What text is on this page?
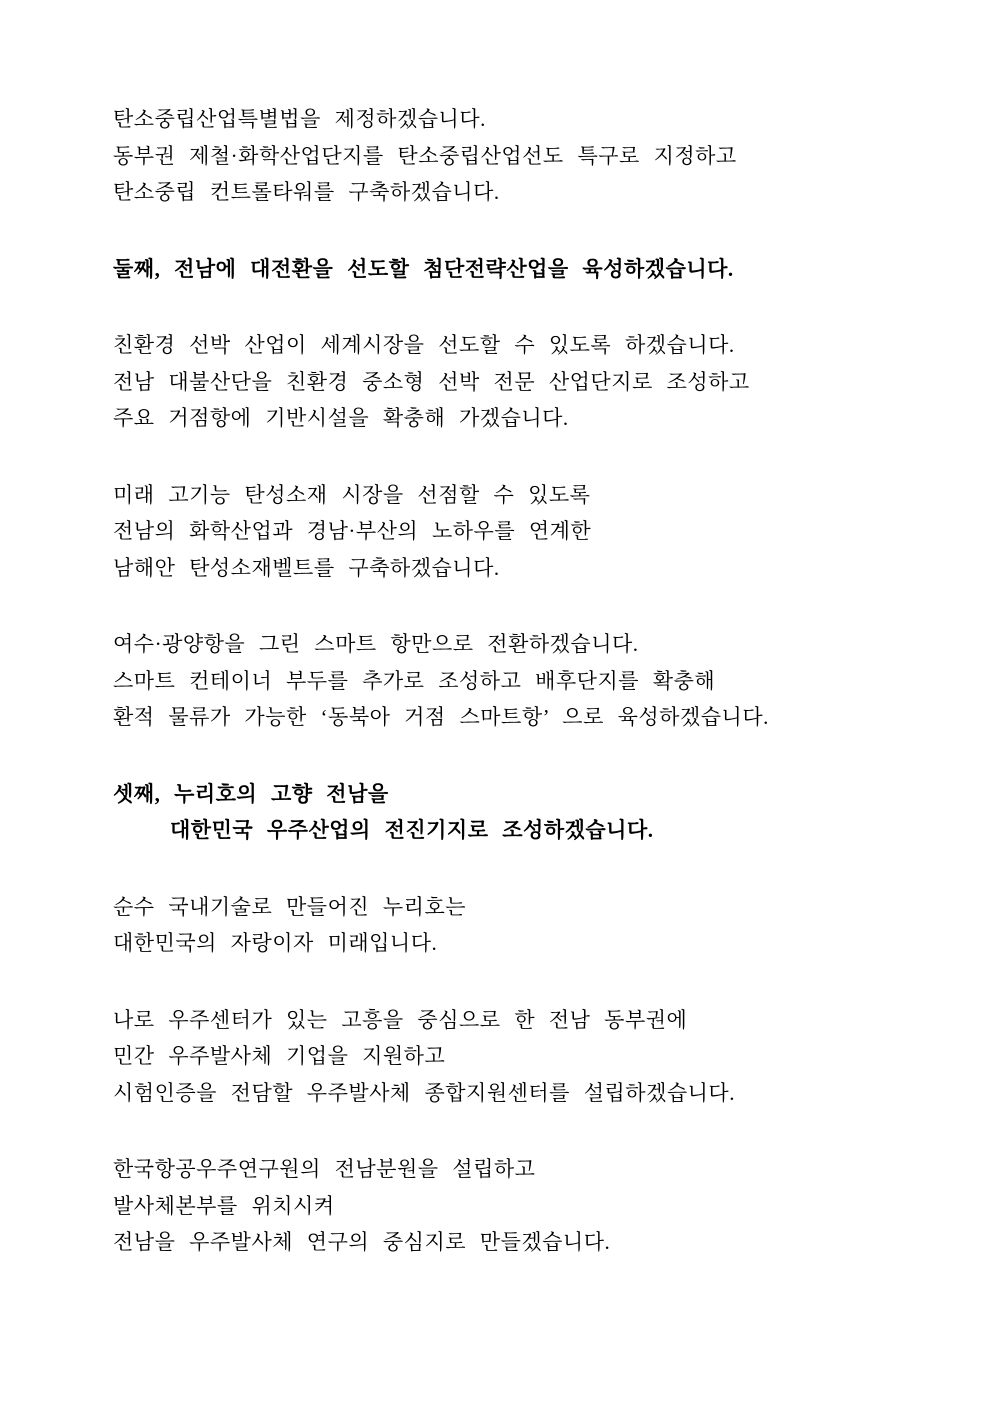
탄소중립산업특별법을 제정하겠습니다.
동부권 제철·화학산업단지를 탄소중립산업선도 특구로 지정하고
탄소중립 컨트롤타워를 구축하겠습니다.

둘째, 전남에 대전환을 선도할 첨단전략산업을 육성하겠습니다.

친환경 선박 산업이 세계시장을 선도할 수 있도록 하겠습니다.
전남 대불산단을 친환경 중소형 선박 전문 산업단지로 조성하고
주요 거점항에 기반시설을 확충해 가겠습니다.

미래 고기능 탄성소재 시장을 선점할 수 있도록
전남의 화학산업과 경남·부산의 노하우를 연계한
남해안 탄성소재벨트를 구축하겠습니다.

여수·광양항을 그린 스마트 항만으로 전환하겠습니다.
스마트 컨테이너 부두를 추가로 조성하고 배후단지를 확충해
환적 물류가 가능한 ‘동북아 거점 스마트항’ 으로 육성하겠습니다.

셋째, 누리호의 고향 전남을
대한민국 우주산업의 전진기지로 조성하겠습니다.

순수 국내기술로 만들어진 누리호는
대한민국의 자랑이자 미래입니다.

나로 우주센터가 있는 고흥을 중심으로 한 전남 동부권에
민간 우주발사체 기업을 지원하고
시험인증을 전담할 우주발사체 종합지원센터를 설립하겠습니다.

한국항공우주연구원의 전남분원을 설립하고
발사체본부를 위치시켜
전남을 우주발사체 연구의 중심지로 만들겠습니다.
